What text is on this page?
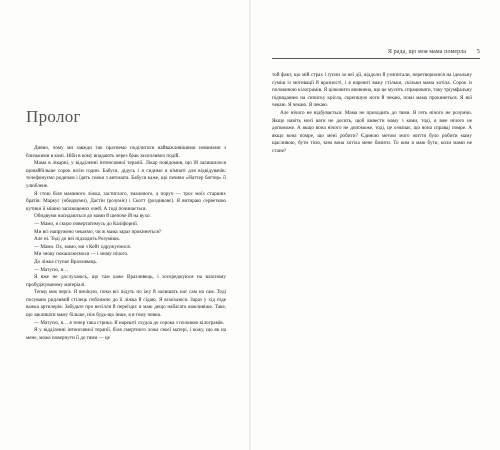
Я рада, що моя мама померла 5
Пролог

Дивно, чому ми завжди так прагнемо поділитися найважливішими новинами з близькими в комі. Ніби в кому впадають через брак захопливих подій.

Мама в лікарні, у відділенні інтенсивної терапії. Лікар повідомив, що їй залишилося щонайбільше сорок вісім годин. Бабуся, дідусь і я сидимо в кімнаті для відвідувачів: телефонуємо родичам і їдять снеки з автомата. Бабуся каже, що печиво «Наттер баттер» її улюблене.

Я стою біля маминого ліжка, застиглого, змаленого, а поруч — трос моїх старших братів: Маркус (обидвуми), Дастін (розуміє) і Скотт (роздивляє). Я витираю серветкою кутики її мішно заплющених очей. А тоді починається.

Обидвуми насидаються до мами й шепоче їй на вухо:

— Мамо, я скоро повертатимусь до Каліфорнії.

Ми всі напружено чекаємо, чи ж мама зараз прокинеться?

Але ні. Тоді до неї підходить Розуміюк.

— Мамо. Ох, мамо, ми з Кейт одружуємося.

Ми знову покашлюємося — і знову нічого.

До ліжка ступає Вразливець.

— Матусю, я…

Я вже не дослухаюсь, що там каже Вразливець, і зосереджуюся на власному пробуджуваному матеріалі.

Тепер моя черга. Я вичікую, поки всі підуть по їжу й залишать нас сам на сам. Тоді посувано ридливий стілець поближче до її ліжка й сідаю. Я всміхаюся. Зараз у хід піде важка артилерія. Забудьте про весілля й переїзди: я маю дещо набагато важливіше. Таке, що закликати маму більше, ніж будь-що інше, я в тому певна.

— Матусю, я… я тепер така стрнка. Я нарешті схудла до сорока з половою кілограмів.

Я у відділенні інтенсивної терапії, біля смертного ложа своєї матері, і кожу, що як на мене, може повернути її до тями — це

той факт, що мій страх і ґунли за неї дії, віддоли й узипитали, перетворилися на ідеальну суміш із мотивації й вразності, і я нарешті важу стільки, скільки мама хотіла. Сорок із половиною кілограмів. Я цілковито впевнена, що це мусить спрацювати, таку тріумфальну підняданню на сиписку крісла, скрепшую ноги й чекаю, поки мама прокинеться. Я вої чекаю. Я чекаю. Я чекаю.

Але нічого не відбувається. Мама не приходить до тями. Я геть нічого не розумію. Якщо навіть моєї ваги не досить, щоб вивести маму з коми, тоді, я вже нічого не допоможе. А якщо вона нічого не допоможе, тоді, це означає, що вона справді помре. А якщо вона помре, що мені робити? Єдиною метою мого життя було робити маму щасливою, бути тією, ким вона хотіла мене бачити. То ким я маю бути, коли мами не стане?
